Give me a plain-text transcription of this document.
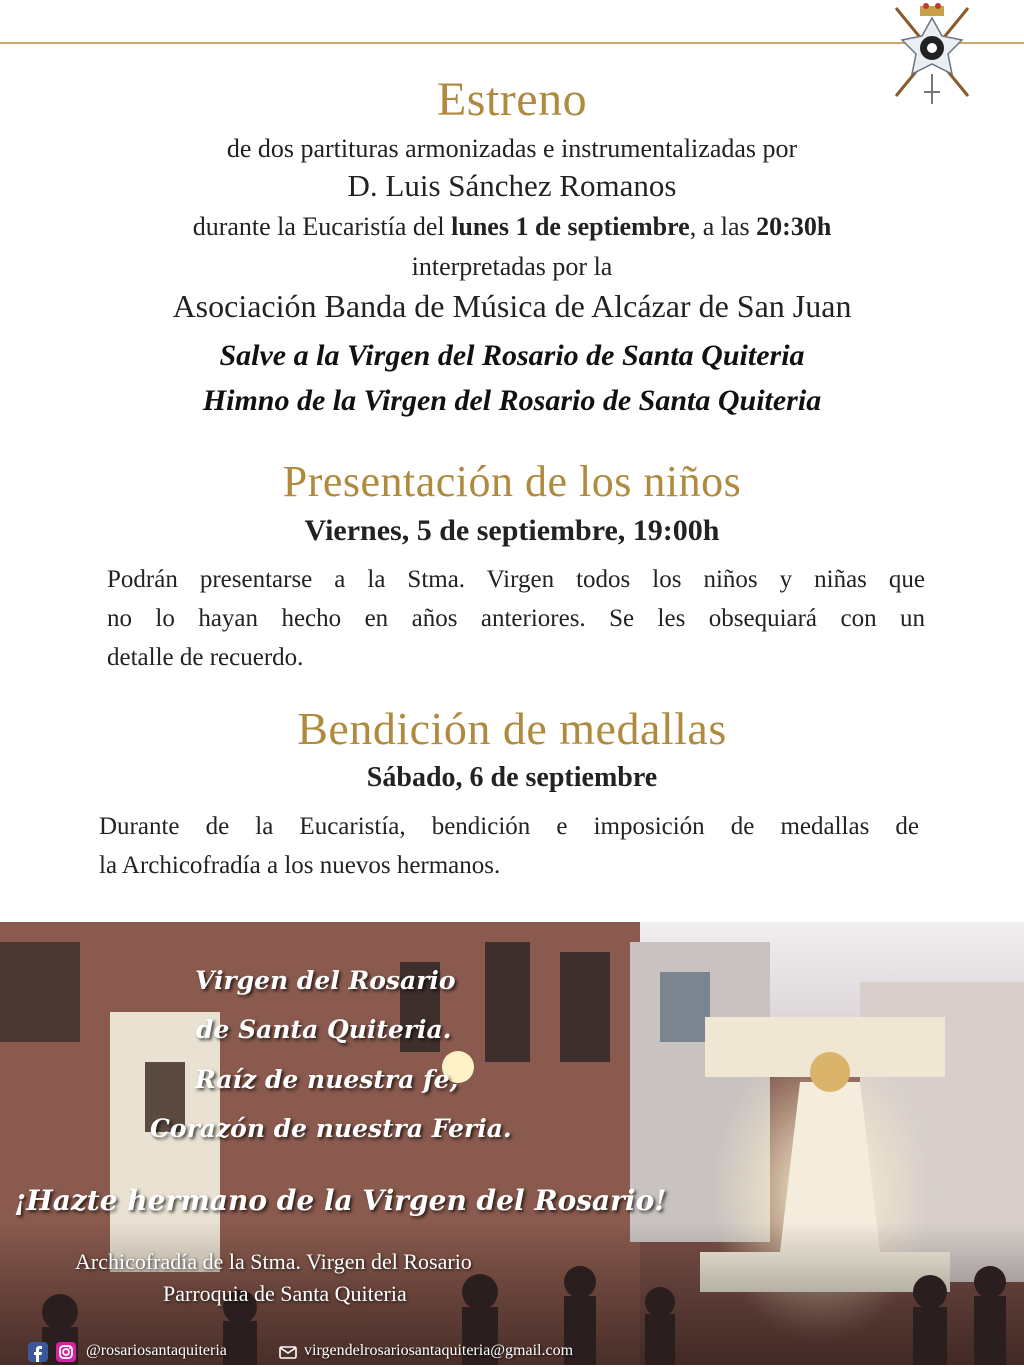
Estreno
de dos partituras armonizadas e instrumentalizadas por
D. Luis Sánchez Romanos
durante la Eucaristía del lunes 1 de septiembre, a las 20:30h
interpretadas por la
Asociación Banda de Música de Alcázar de San Juan
Salve a la Virgen del Rosario de Santa Quiteria
Himno de la Virgen del Rosario de Santa Quiteria
Presentación de los niños
Viernes, 5 de septiembre, 19:00h
Podrán presentarse a la Stma. Virgen todos los niños y niñas que
no lo hayan hecho en años anteriores. Se les obsequiará con un
detalle de recuerdo.
Bendición de medallas
Sábado, 6 de septiembre
Durante de la Eucaristía, bendición e imposición de medallas de
la Archicofradía a los nuevos hermanos.
Virgen del Rosario
de Santa Quiteria.
Raíz de nuestra fe,
Corazón de nuestra Feria.
¡Hazte hermano de la Virgen del Rosario!
Archicofradía de la Stma. Virgen del Rosario
Parroquia de Santa Quiteria
@rosariosantaquiteria	virgendelrosariosantaquiteria@gmail.com
